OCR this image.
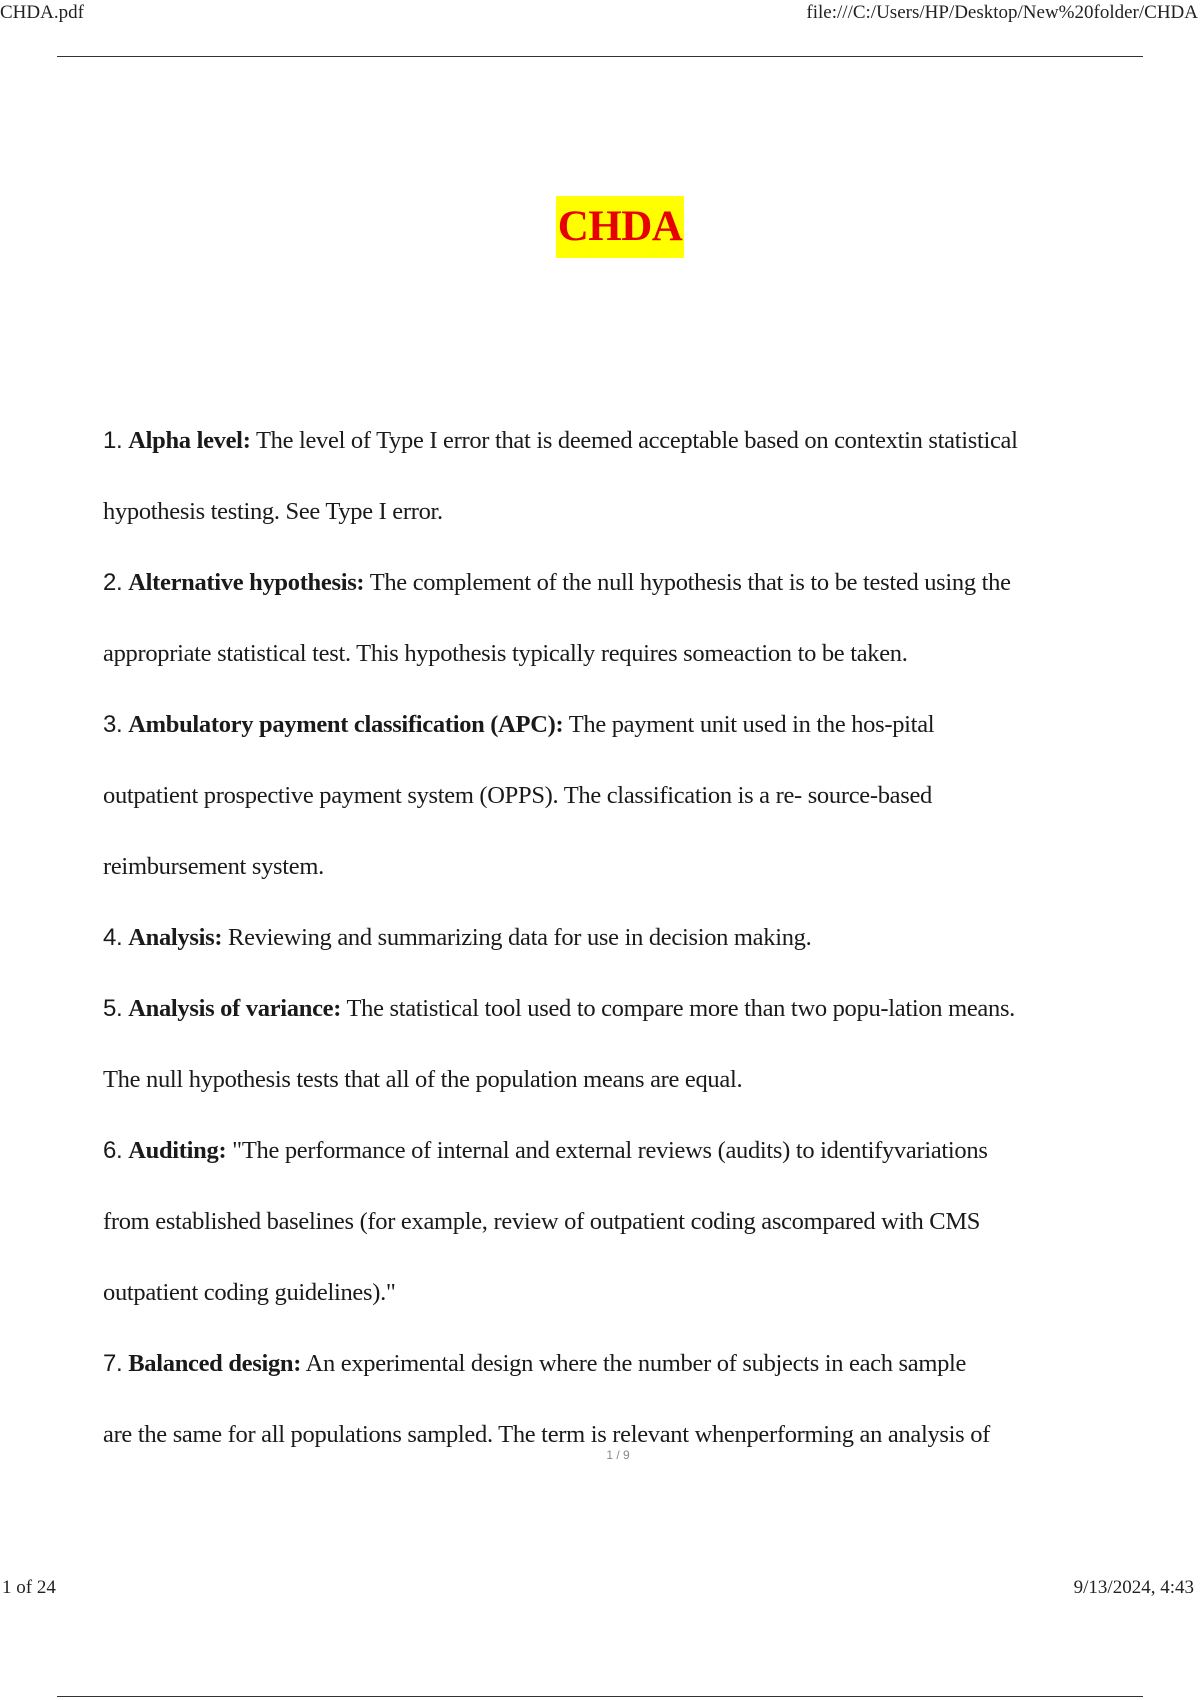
CHDA.pdf	file:///C:/Users/HP/Desktop/New%20folder/CHDA
CHDA
1. Alpha level: The level of Type I error that is deemed acceptable based on contextin statistical
hypothesis testing. See Type I error.
2. Alternative hypothesis: The complement of the null hypothesis that is to be tested using the
appropriate statistical test. This hypothesis typically requires someaction to be taken.
3. Ambulatory payment classification (APC): The payment unit used in the hos-pital
outpatient prospective payment system (OPPS). The classification is a re- source-based
reimbursement system.
4. Analysis: Reviewing and summarizing data for use in decision making.
5. Analysis of variance: The statistical tool used to compare more than two popu-lation means.
The null hypothesis tests that all of the population means are equal.
6. Auditing: "The performance of internal and external reviews (audits) to identifyvariations
from established baselines (for example, review of outpatient coding ascompared with CMS
outpatient coding guidelines)."
7. Balanced design: An experimental design where the number of subjects in each sample
are the same for all populations sampled. The term is relevant whenperforming an analysis of
1 / 9
1 of 24	9/13/2024, 4:43
